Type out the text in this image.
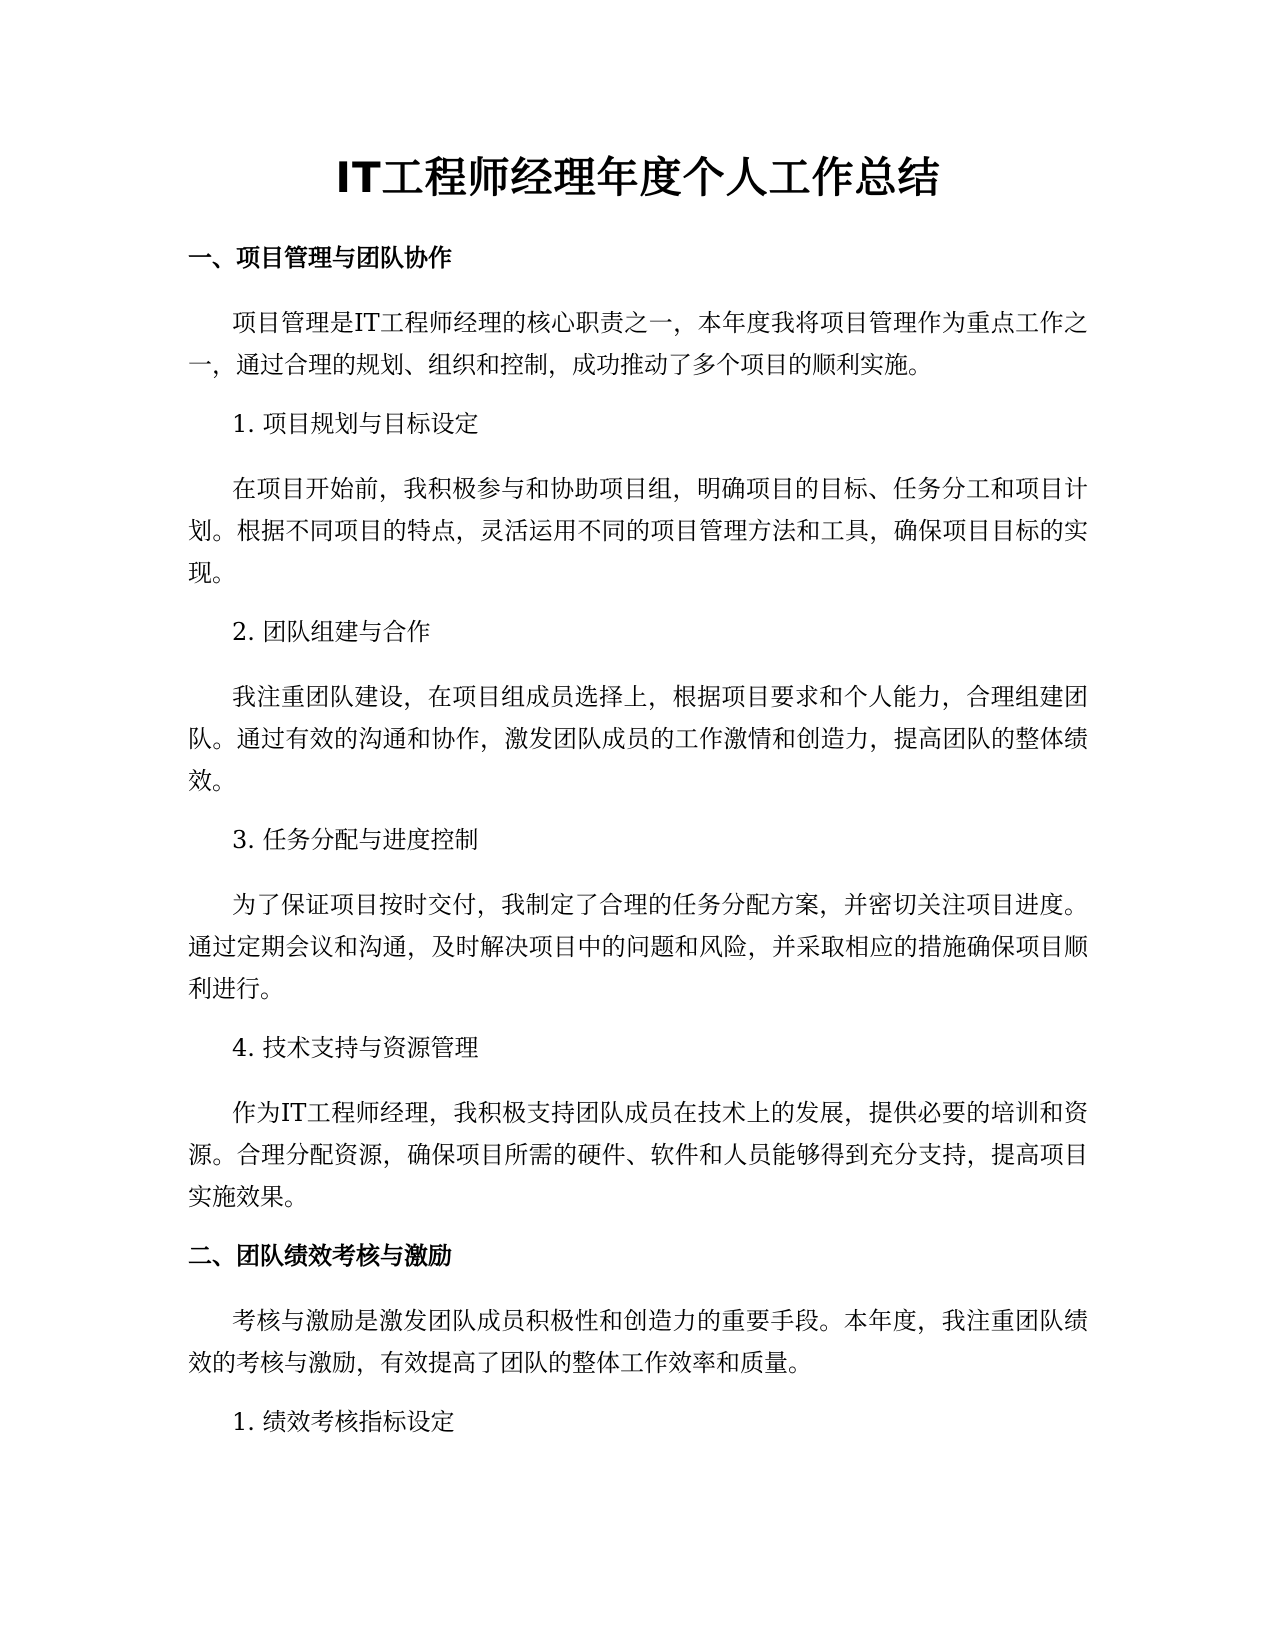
IT工程师经理年度个人工作总结
一、项目管理与团队协作

项目管理是IT工程师经理的核心职责之一，本年度我将项目管理作为重点工作之一，通过合理的规划、组织和控制，成功推动了多个项目的顺利实施。

1. 项目规划与目标设定

在项目开始前，我积极参与和协助项目组，明确项目的目标、任务分工和项目计划。根据不同项目的特点，灵活运用不同的项目管理方法和工具，确保项目目标的实现。

2. 团队组建与合作

我注重团队建设，在项目组成员选择上，根据项目要求和个人能力，合理组建团队。通过有效的沟通和协作，激发团队成员的工作激情和创造力，提高团队的整体绩效。

3. 任务分配与进度控制

为了保证项目按时交付，我制定了合理的任务分配方案，并密切关注项目进度。通过定期会议和沟通，及时解决项目中的问题和风险，并采取相应的措施确保项目顺利进行。

4. 技术支持与资源管理

作为IT工程师经理，我积极支持团队成员在技术上的发展，提供必要的培训和资源。合理分配资源，确保项目所需的硬件、软件和人员能够得到充分支持，提高项目实施效果。

二、团队绩效考核与激励

考核与激励是激发团队成员积极性和创造力的重要手段。本年度，我注重团队绩效的考核与激励，有效提高了团队的整体工作效率和质量。

1. 绩效考核指标设定
